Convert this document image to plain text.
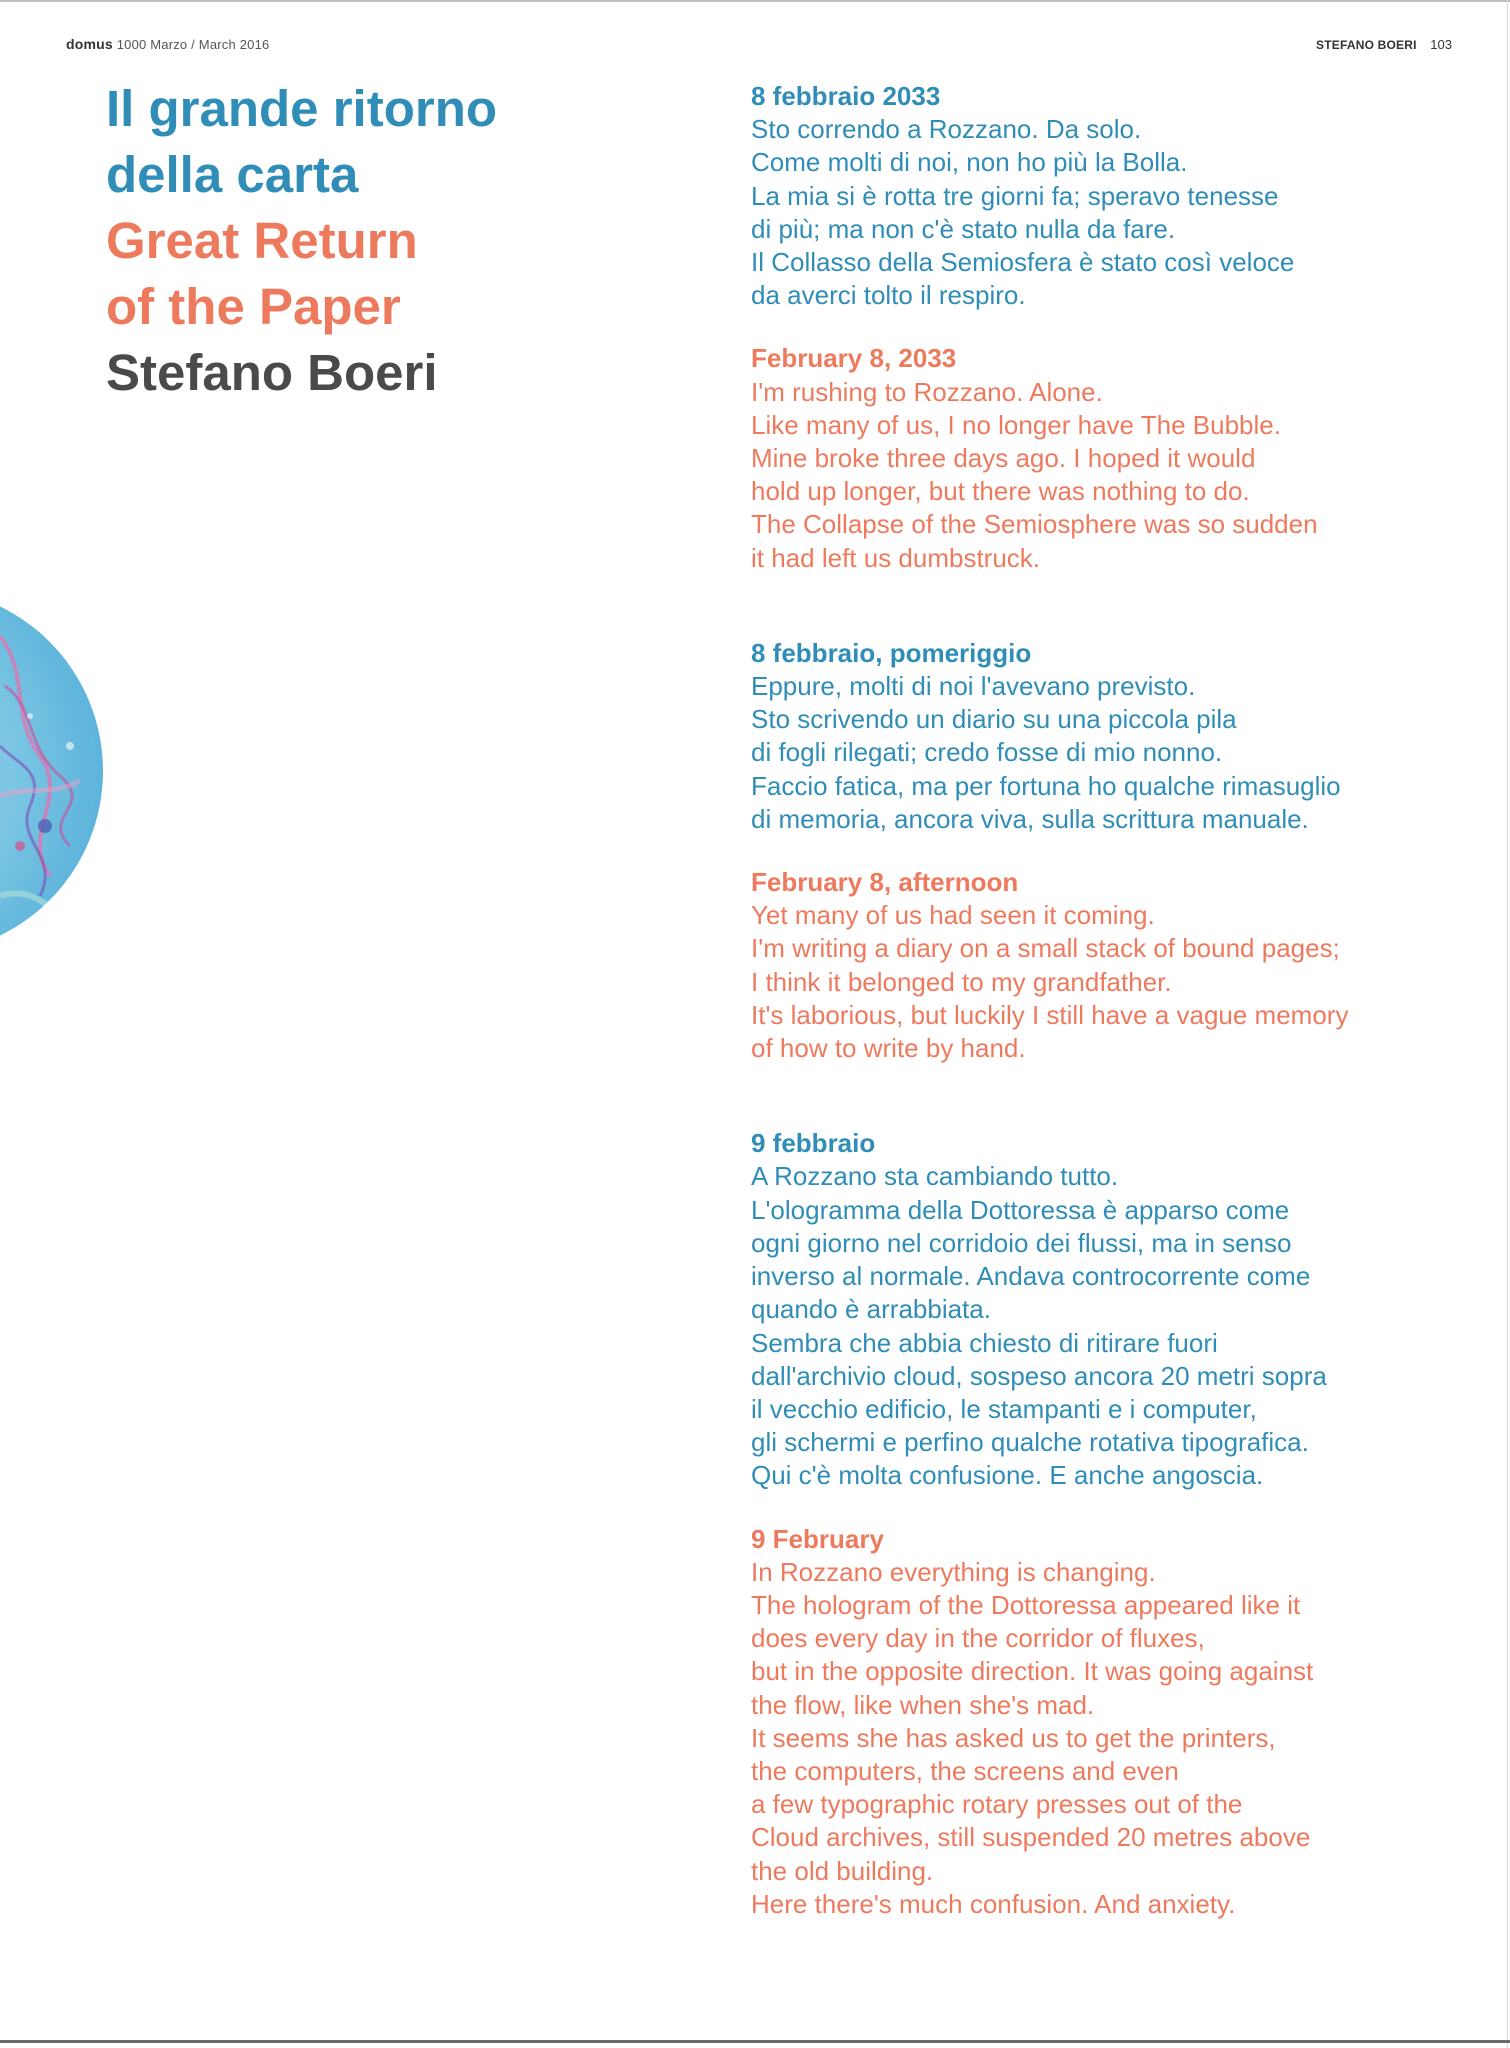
domus 1000 Marzo / March 2016	STEFANO BOERI 103
Il grande ritorno
della carta
Great Return
of the Paper
Stefano Boeri
8 febbraio 2033
Sto correndo a Rozzano. Da solo.
Come molti di noi, non ho più la Bolla.
La mia si è rotta tre giorni fa; speravo tenesse
di più; ma non c'è stato nulla da fare.
Il Collasso della Semiosfera è stato così veloce
da averci tolto il respiro.
February 8, 2033
I'm rushing to Rozzano. Alone.
Like many of us, I no longer have The Bubble.
Mine broke three days ago. I hoped it would
hold up longer, but there was nothing to do.
The Collapse of the Semiosphere was so sudden
it had left us dumbstruck.
8 febbraio, pomeriggio
Eppure, molti di noi l'avevano previsto.
Sto scrivendo un diario su una piccola pila
di fogli rilegati; credo fosse di mio nonno.
Faccio fatica, ma per fortuna ho qualche rimasuglio
di memoria, ancora viva, sulla scrittura manuale.
February 8, afternoon
Yet many of us had seen it coming.
I'm writing a diary on a small stack of bound pages;
I think it belonged to my grandfather.
It's laborious, but luckily I still have a vague memory
of how to write by hand.
9 febbraio
A Rozzano sta cambiando tutto.
L'ologramma della Dottoressa è apparso come
ogni giorno nel corridoio dei flussi, ma in senso
inverso al normale. Andava controcorrente come
quando è arrabbiata.
Sembra che abbia chiesto di ritirare fuori
dall'archivio cloud, sospeso ancora 20 metri sopra
il vecchio edificio, le stampanti e i computer,
gli schermi e perfino qualche rotativa tipografica.
Qui c'è molta confusione. E anche angoscia.
9 February
In Rozzano everything is changing.
The hologram of the Dottoressa appeared like it
does every day in the corridor of fluxes,
but in the opposite direction. It was going against
the flow, like when she's mad.
It seems she has asked us to get the printers,
the computers, the screens and even
a few typographic rotary presses out of the
Cloud archives, still suspended 20 metres above
the old building.
Here there's much confusion. And anxiety.
